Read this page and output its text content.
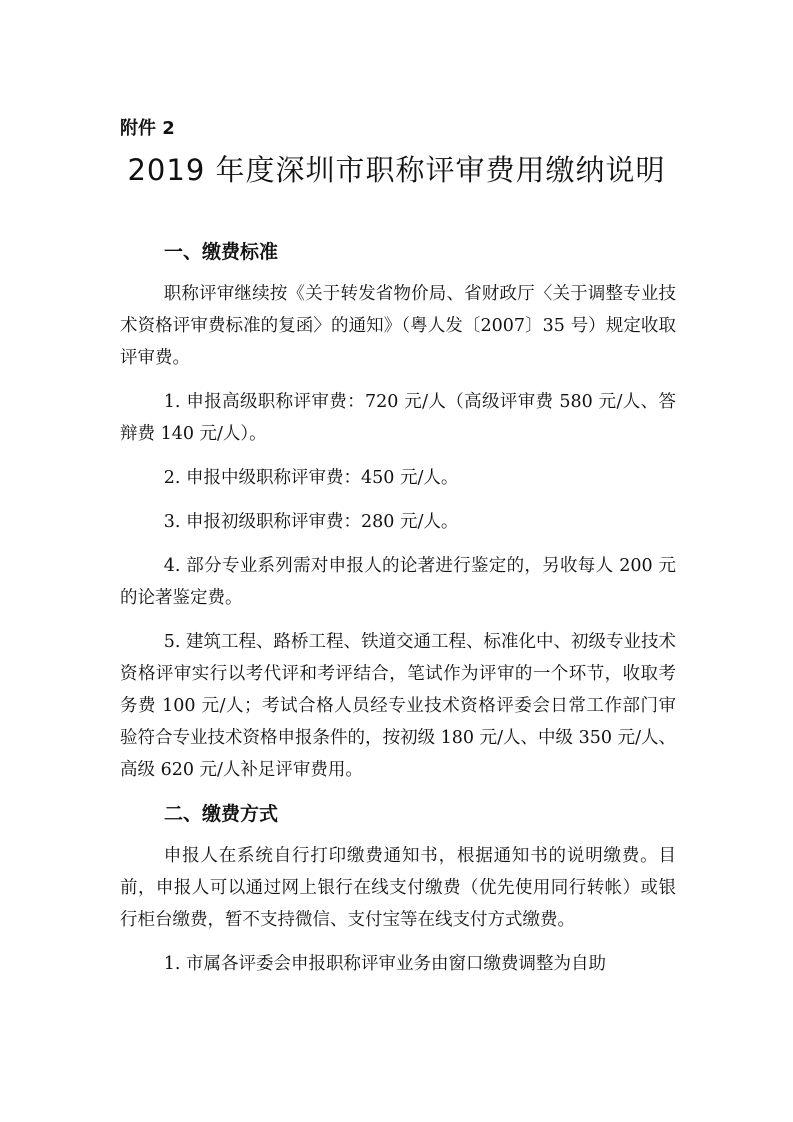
附件 2
2019 年度深圳市职称评审费用缴纳说明
一、缴费标准

职称评审继续按《关于转发省物价局、省财政厅〈关于调整专业技术资格评审费标准的复函〉的通知》（粤人发〔2007〕35 号）规定收取评审费。

1. 申报高级职称评审费：720 元/人（高级评审费 580 元/人、答辩费 140 元/人）。

2. 申报中级职称评审费：450 元/人。

3. 申报初级职称评审费：280 元/人。

4. 部分专业系列需对申报人的论著进行鉴定的，另收每人 200 元的论著鉴定费。

5. 建筑工程、路桥工程、铁道交通工程、标准化中、初级专业技术资格评审实行以考代评和考评结合，笔试作为评审的一个环节，收取考务费 100 元/人；考试合格人员经专业技术资格评委会日常工作部门审验符合专业技术资格申报条件的，按初级 180 元/人、中级 350 元/人、高级 620 元/人补足评审费用。

二、缴费方式

申报人在系统自行打印缴费通知书，根据通知书的说明缴费。目前，申报人可以通过网上银行在线支付缴费（优先使用同行转帐）或银行柜台缴费，暂不支持微信、支付宝等在线支付方式缴费。

1. 市属各评委会申报职称评审业务由窗口缴费调整为自助
